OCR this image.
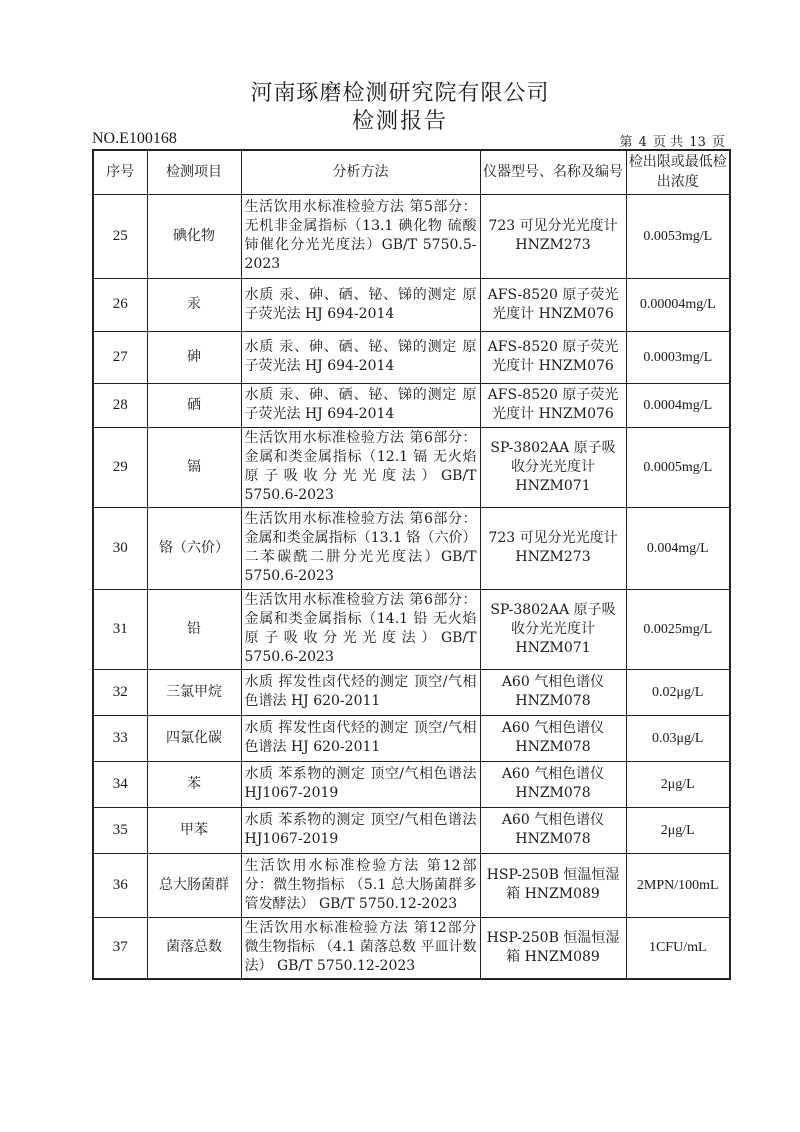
河南琢磨检测研究院有限公司
检测报告
NO.E100168	第 4 页 共 13 页
序号	检测项目	分析方法	仪器型号、名称及编号	检出限或最低检出浓度
25	碘化物	生活饮用水标准检验方法 第5部分：无机非金属指标（13.1 碘化物 硫酸铈催化分光光度法）GB/T 5750.5-2023	723 可见分光光度计 HNZM273	0.0053mg/L
26	汞	水质 汞、砷、硒、铋、锑的测定 原子荧光法 HJ 694-2014	AFS-8520 原子荧光光度计 HNZM076	0.00004mg/L
27	砷	水质 汞、砷、硒、铋、锑的测定 原子荧光法 HJ 694-2014	AFS-8520 原子荧光光度计 HNZM076	0.0003mg/L
28	硒	水质 汞、砷、硒、铋、锑的测定 原子荧光法 HJ 694-2014	AFS-8520 原子荧光光度计 HNZM076	0.0004mg/L
29	镉	生活饮用水标准检验方法 第6部分：金属和类金属指标（12.1 镉 无火焰原子吸收分光光度法）GB/T 5750.6-2023	SP-3802AA 原子吸收分光光度计 HNZM071	0.0005mg/L
30	铬（六价）	生活饮用水标准检验方法 第6部分：金属和类金属指标（13.1 铬（六价）二苯碳酰二肼分光光度法）GB/T 5750.6-2023	723 可见分光光度计 HNZM273	0.004mg/L
31	铅	生活饮用水标准检验方法 第6部分：金属和类金属指标（14.1 铅 无火焰原子吸收分光光度法）GB/T 5750.6-2023	SP-3802AA 原子吸收分光光度计 HNZM071	0.0025mg/L
32	三氯甲烷	水质 挥发性卤代烃的测定 顶空/气相色谱法 HJ 620-2011	A60 气相色谱仪 HNZM078	0.02μg/L
33	四氯化碳	水质 挥发性卤代烃的测定 顶空/气相色谱法 HJ 620-2011	A60 气相色谱仪 HNZM078	0.03μg/L
34	苯	水质 苯系物的测定 顶空/气相色谱法 HJ1067-2019	A60 气相色谱仪 HNZM078	2μg/L
35	甲苯	水质 苯系物的测定 顶空/气相色谱法 HJ1067-2019	A60 气相色谱仪 HNZM078	2μg/L
36	总大肠菌群	生活饮用水标准检验方法 第12部分：微生物指标 （5.1 总大肠菌群多管发酵法） GB/T 5750.12-2023	HSP-250B 恒温恒湿箱 HNZM089	2MPN/100mL
37	菌落总数	生活饮用水标准检验方法 第12部分 微生物指标 （4.1 菌落总数 平皿计数法） GB/T 5750.12-2023	HSP-250B 恒温恒湿箱 HNZM089	1CFU/mL
